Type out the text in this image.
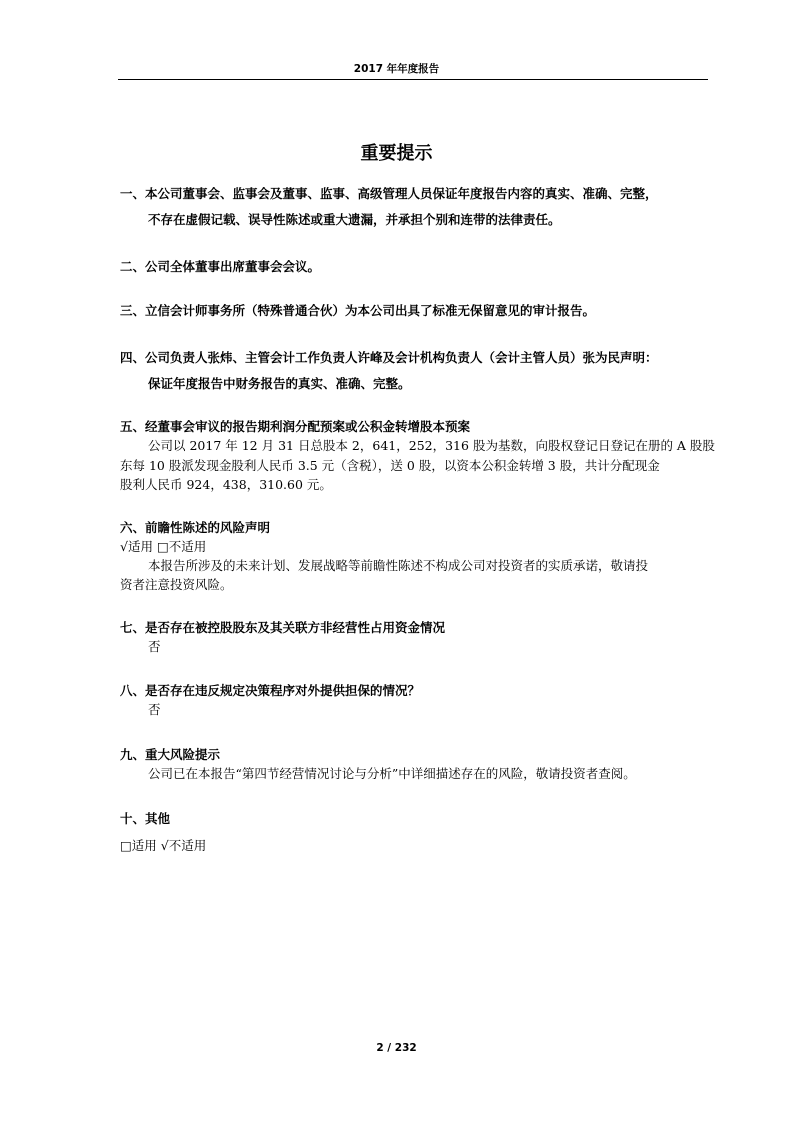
2017 年年度报告
重要提示
一、本公司董事会、监事会及董事、监事、高级管理人员保证年度报告内容的真实、准确、完整，
不存在虚假记载、误导性陈述或重大遗漏，并承担个别和连带的法律责任。
二、公司全体董事出席董事会会议。
三、立信会计师事务所（特殊普通合伙）为本公司出具了标准无保留意见的审计报告。
四、公司负责人张炜、主管会计工作负责人许峰及会计机构负责人（会计主管人员）张为民声明：
保证年度报告中财务报告的真实、准确、完整。
五、经董事会审议的报告期利润分配预案或公积金转增股本预案
公司以 2017 年 12 月 31 日总股本 2，641，252，316 股为基数，向股权登记日登记在册的 A 股股
东每 10 股派发现金股利人民币 3.5 元（含税），送 0 股，以资本公积金转增 3 股，共计分配现金
股利人民币 924，438，310.60 元。
六、前瞻性陈述的风险声明
√适用 □不适用
本报告所涉及的未来计划、发展战略等前瞻性陈述不构成公司对投资者的实质承诺，敬请投
资者注意投资风险。
七、是否存在被控股股东及其关联方非经营性占用资金情况
否
八、是否存在违反规定决策程序对外提供担保的情况？
否
九、重大风险提示
公司已在本报告“第四节经营情况讨论与分析”中详细描述存在的风险，敬请投资者查阅。
十、其他
□适用 √不适用
2 / 232
